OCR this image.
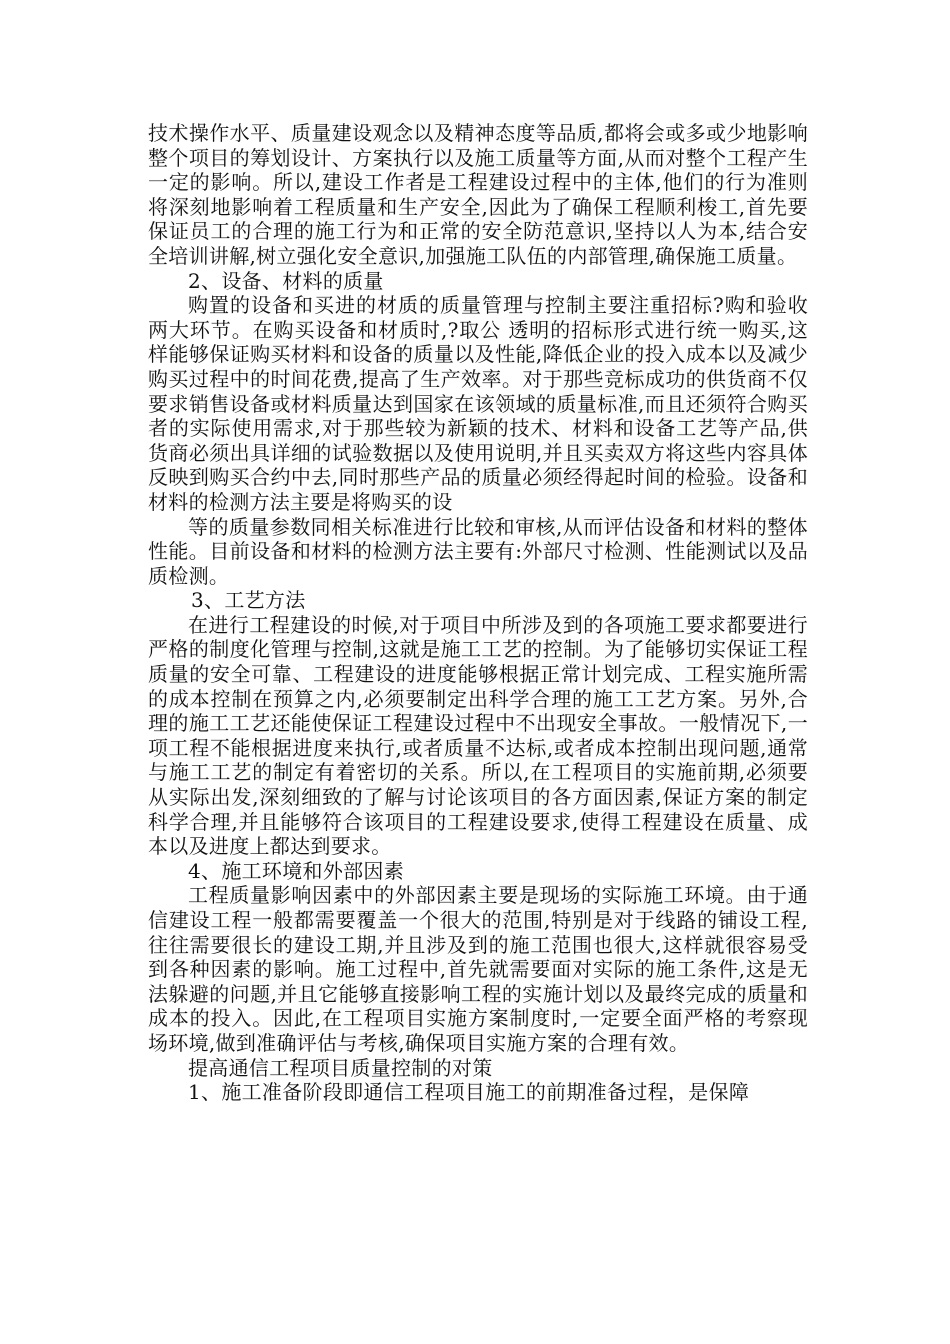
技术操作水平、质量建设观念以及精神态度等品质,都将会或多或少地影响整个项目的筹划设计、方案执行以及施工质量等方面,从而对整个工程产生一定的影响。所以,建设工作者是工程建设过程中的主体,他们的行为准则将深刻地影响着工程质量和生产安全,因此为了确保工程顺利梭工,首先要保证员工的合理的施工行为和正常的安全防范意识,坚持以人为本,结合安全培训讲解,树立强化安全意识,加强施工队伍的内部管理,确保施工质量。

2、设备、材料的质量

购置的设备和买进的材质的质量管理与控制主要注重招标?购和验收两大环节。在购买设备和材质时,?取公 透明的招标形式进行统一购买,这样能够保证购买材料和设备的质量以及性能,降低企业的投入成本以及减少购买过程中的时间花费,提高了生产效率。对于那些竞标成功的供货商不仅要求销售设备或材料质量达到国家在该领域的质量标准,而且还须符合购买者的实际使用需求,对于那些较为新颖的技术、材料和设备工艺等产品,供货商必须出具详细的试验数据以及使用说明,并且买卖双方将这些内容具体反映到购买合约中去,同时那些产品的质量必须经得起时间的检验。设备和材料的检测方法主要是将购买的设

等的质量参数同相关标准进行比较和审核,从而评估设备和材料的整体性能。目前设备和材料的检测方法主要有:外部尺寸检测、性能测试以及品质检测。

3、工艺方法

在进行工程建设的时候,对于项目中所涉及到的各项施工要求都要进行严格的制度化管理与控制,这就是施工工艺的控制。为了能够切实保证工程质量的安全可靠、工程建设的进度能够根据正常计划完成、工程实施所需的成本控制在预算之内,必须要制定出科学合理的施工工艺方案。另外,合理的施工工艺还能使保证工程建设过程中不出现安全事故。一般情况下,一项工程不能根据进度来执行,或者质量不达标,或者成本控制出现问题,通常与施工工艺的制定有着密切的关系。所以,在工程项目的实施前期,必须要从实际出发,深刻细致的了解与讨论该项目的各方面因素,保证方案的制定科学合理,并且能够符合该项目的工程建设要求,使得工程建设在质量、成本以及进度上都达到要求。

4、施工环境和外部因素

工程质量影响因素中的外部因素主要是现场的实际施工环境。由于通信建设工程一般都需要覆盖一个很大的范围,特别是对于线路的铺设工程,往往需要很长的建设工期,并且涉及到的施工范围也很大,这样就很容易受到各种因素的影响。施工过程中,首先就需要面对实际的施工条件,这是无法躲避的问题,并且它能够直接影响工程的实施计划以及最终完成的质量和成本的投入。因此,在工程项目实施方案制度时,一定要全面严格的考察现场环境,做到准确评估与考核,确保项目实施方案的合理有效。

提高通信工程项目质量控制的对策

1、施工准备阶段即通信工程项目施工的前期准备过程，是保障
